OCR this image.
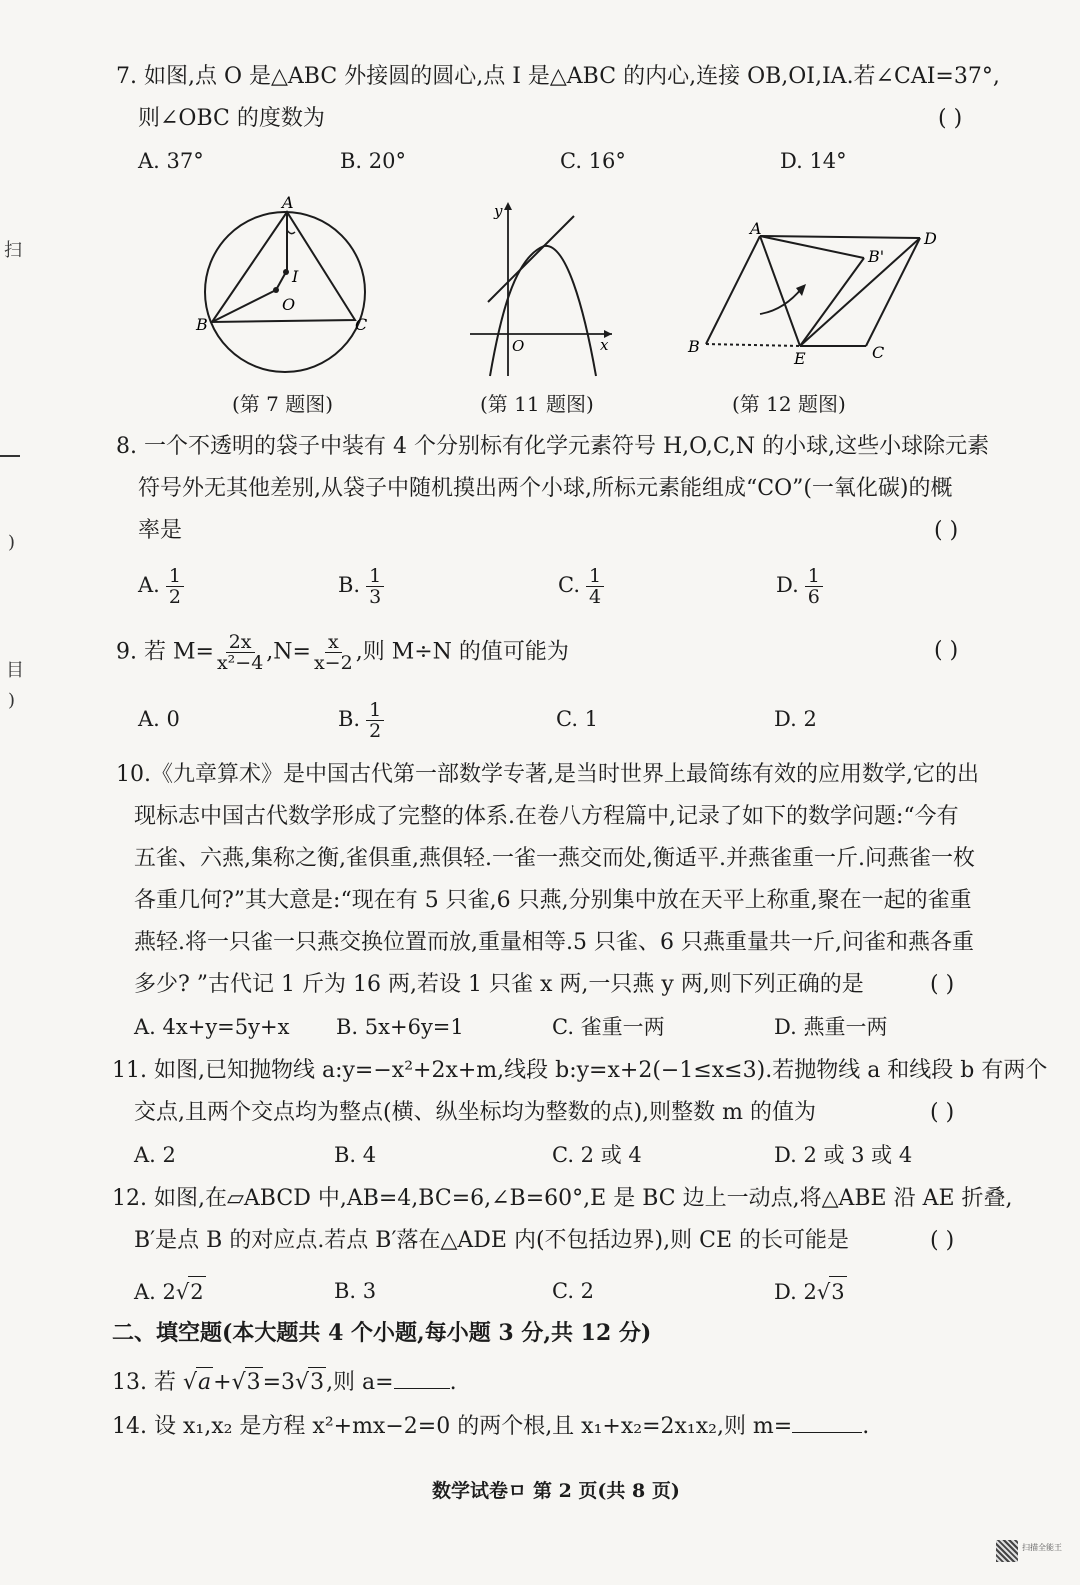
扫
)
目
)
7. 如图,点 O 是△ABC 外接圆的圆心,点 I 是△ABC 的内心,连接 OB,OI,IA.若∠CAI=37°,
则∠OBC 的度数为	( )
A. 37°	B. 20°	C. 16°	D. 14°
A
B	C
I
O
y
x
O
A
D
B'
B
E	C
(第 7 题图)	(第 11 题图)	(第 12 题图)
8. 一个不透明的袋子中装有 4 个分别标有化学元素符号 H,O,C,N 的小球,这些小球除元素
符号外无其他差别,从袋子中随机摸出两个小球,所标元素能组成“CO”(一氧化碳)的概
率是	( )
A. $\frac{1}{2}$	B. $\frac{1}{3}$	C. $\frac{1}{4}$	D. $\frac{1}{6}$
9. 若 $M= \frac{2x}{\text{x²−4}} ,N= \frac{x}{x-2}$ ,则 M÷N 的值可能为	( )
A. 0	B. $\frac{1}{2}$	C. 1	D. 2
10.《九章算术》是中国古代第一部数学专著,是当时世界上最简练有效的应用数学,它的出
现标志中国古代数学形成了完整的体系.在卷八方程篇中,记录了如下的数学问题:“今有
五雀、六燕,集称之衡,雀俱重,燕俱轻.一雀一燕交而处,衡适平.并燕雀重一斤.问燕雀一枚
各重几何?”其大意是:“现在有 5 只雀,6 只燕,分别集中放在天平上称重,聚在一起的雀重
燕轻.将一只雀一只燕交换位置而放,重量相等.5 只雀、6 只燕重量共一斤,问雀和燕各重
多少? ”古代记 1 斤为 16 两,若设 1 只雀 x 两,一只燕 y 两,则下列正确的是	( )
A. 4x+y=5y+x B. 5x+6y=1	C. 雀重一两	D. 燕重一两
11. 如图,已知抛物线 a:y=−x²+2x+m,线段 b:y=x+2(−1≤x≤3).若抛物线 a 和线段 b 有两个
交点,且两个交点均为整点(横、纵坐标均为整数的点),则整数 m 的值为	( )
A. 2	B. 4	C. 2 或 4	D. 2 或 3 或 4
12. 如图,在▱ABCD 中,AB=4,BC=6,∠B=60°,E 是 BC 边上一动点,将△ABE 沿 AE 折叠,
B′是点 B 的对应点.若点 B′落在△ADE 内(不包括边界),则 CE 的长可能是	( )
A. 2√2	B. 3	C. 2	D. 2√3
二、填空题(本大题共 4 个小题,每小题 3 分,共 12 分)
13. 若 √a+√3=3√3,则 a=	.
14. 设 x₁,x₂ 是方程 x²+mx−2=0 的两个根,且 x₁+x₂=2x₁x₂,则 m=	.
数学试卷ㅁ 第 2 页(共 8 页)
扫描全能王
